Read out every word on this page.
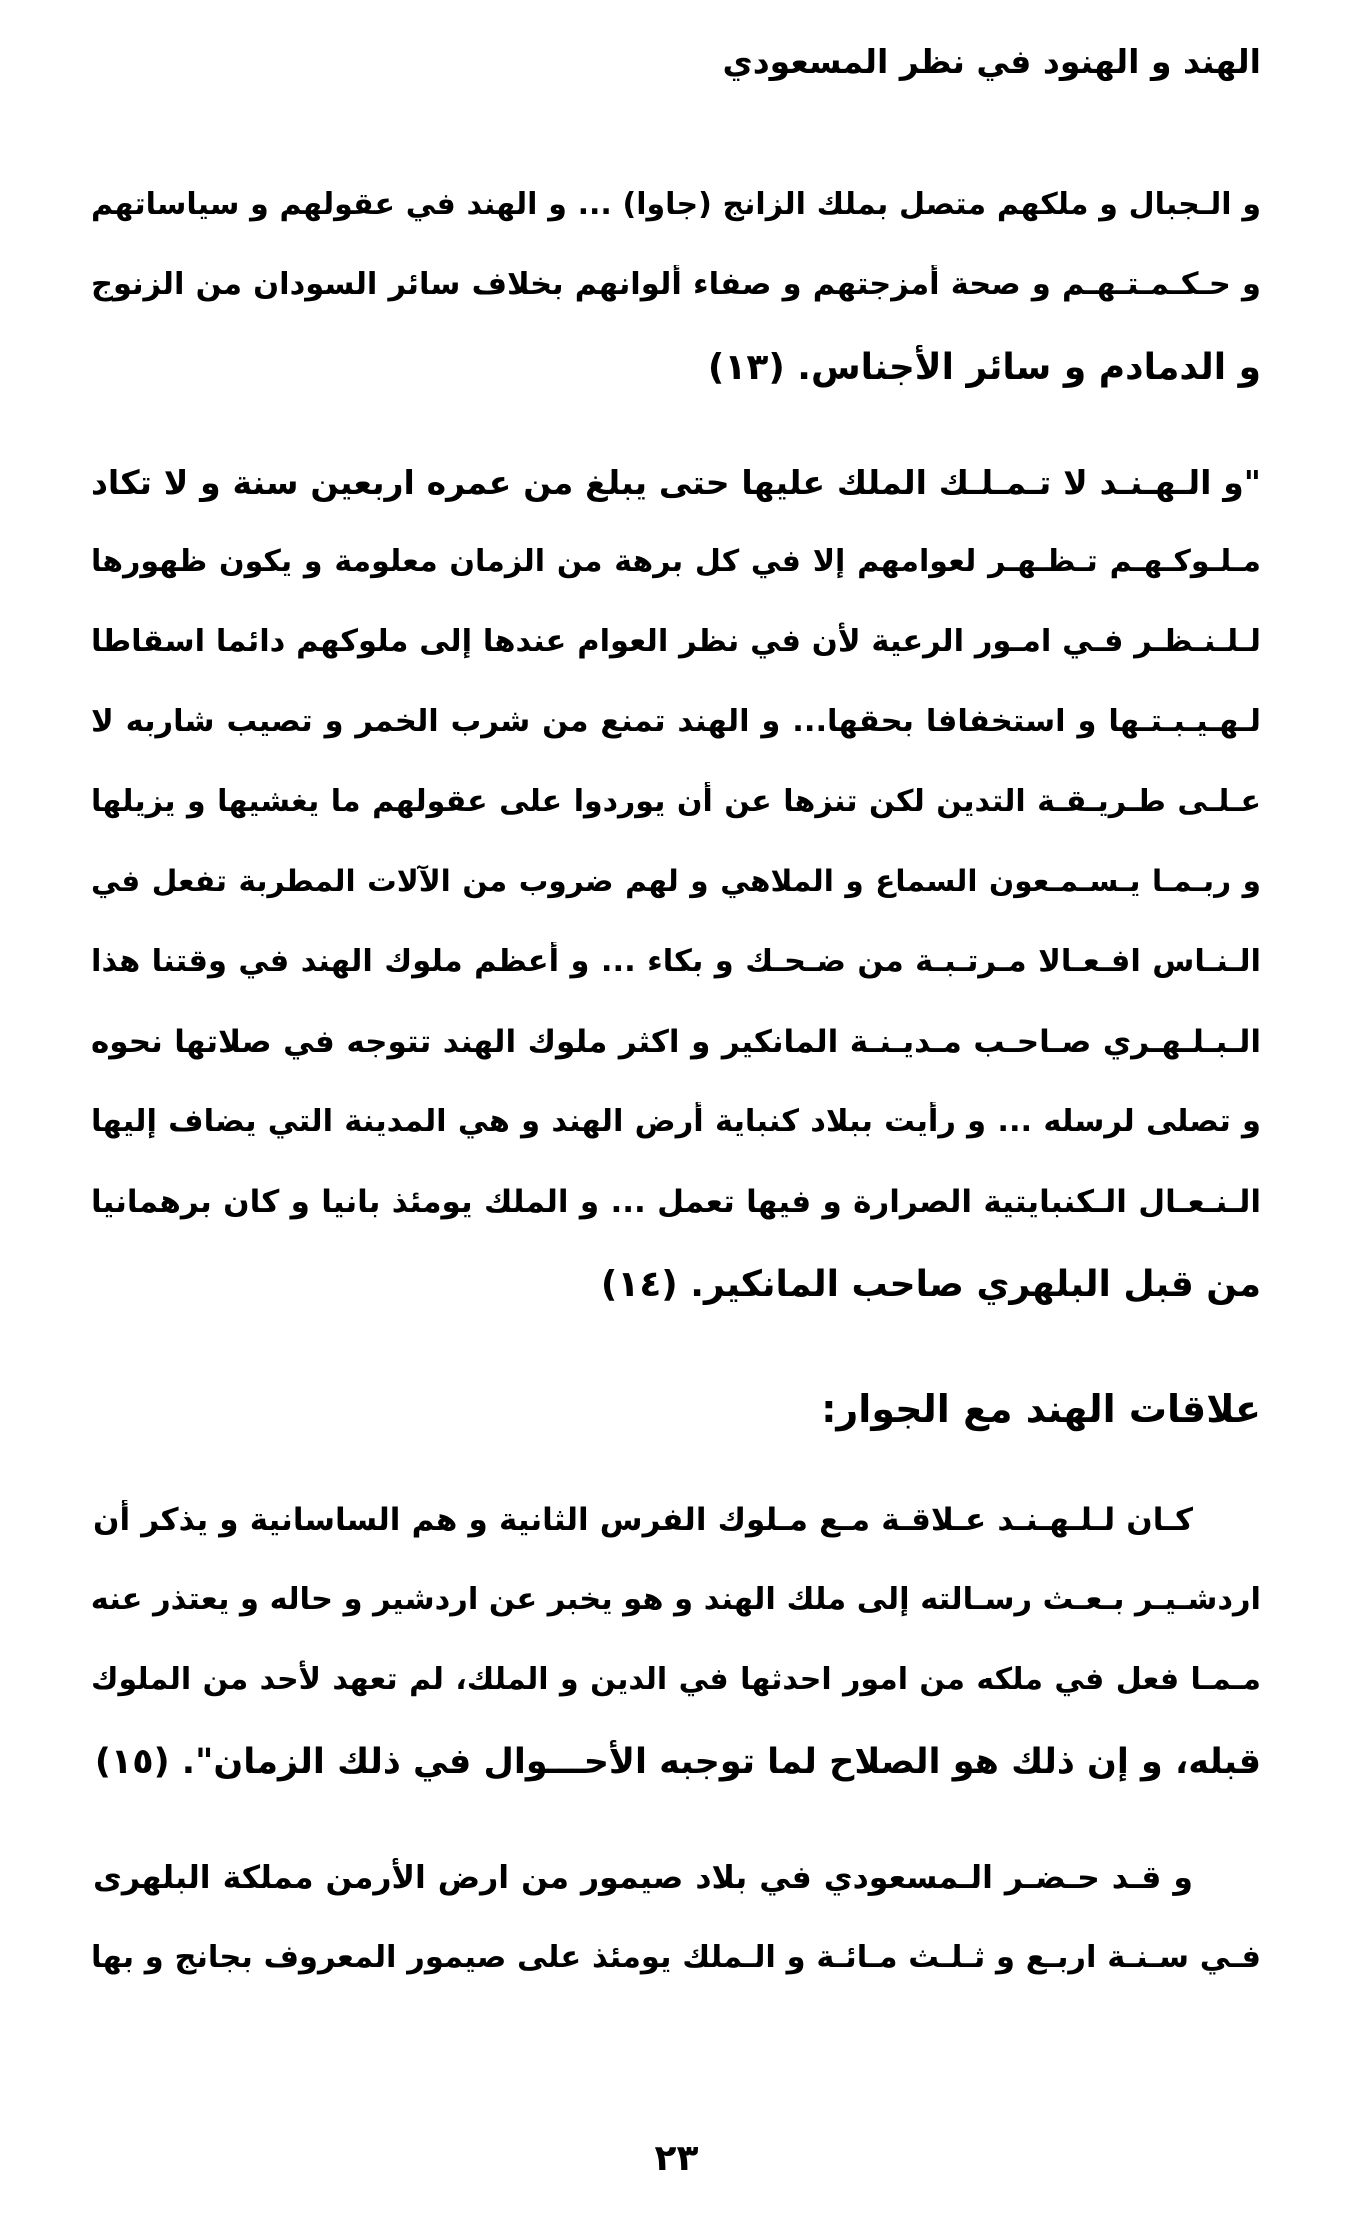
الهند و الهنود في نظر المسعودي
و الـجبال و ملكهم متصل بملك الزانج (جاوا) ... و الهند في عقولهم و سياساتهم
و حـكـمـتـهـم و صحة أمزجتهم و صفاء ألوانهم بخلاف سائر السودان من الزنوج
و الدمادم و سائر الأجناس. (١٣)
"و الـهـنـد لا تـمـلـك الملك عليها حتى يبلغ من عمره اربعين سنة و لا تكاد
مـلـوكـهـم تـظـهـر لعوامهم إلا في كل برهة من الزمان معلومة و يكون ظهورها
لـلـنـظـر فـي امـور الرعية لأن في نظر العوام عندها إلى ملوكهم دائما اسقاطا
لـهـيـبـتـها و استخفافا بحقها... و الهند تمنع من شرب الخمر و تصيب شاربه لا
عـلـى طـريـقـة التدين لكن تنزها عن أن يوردوا على عقولهم ما يغشيها و يزيلها
و ربـمـا يـسـمـعون السماع و الملاهي و لهم ضروب من الآلات المطربة تفعل في
الـنـاس افـعـالا مـرتـبـة من ضـحـك و بكاء ... و أعظم ملوك الهند في وقتنا هذا
الـبـلـهـري صـاحـب مـديـنـة المانكير و اكثر ملوك الهند تتوجه في صلاتها نحوه
و تصلى لرسله ... و رأيت ببلاد كنباية أرض الهند و هي المدينة التي يضاف إليها
الـنـعـال الـكنبايتية الصرارة و فيها تعمل ... و الملك يومئذ بانيا و كان برهمانيا
من قبل البلهري صاحب المانكير. (١٤)
علاقات الهند مع الجوار:
كـان لـلـهـنـد عـلاقـة مـع مـلوك الفرس الثانية و هم الساسانية و يذكر أن
اردشـيـر بـعـث رسـالته إلى ملك الهند و هو يخبر عن اردشير و حاله و يعتذر عنه
مـمـا فعل في ملكه من امور احدثها في الدين و الملك، لم تعهد لأحد من الملوك
قبله، و إن ذلك هو الصلاح لما توجبه الأحـــوال في ذلك الزمان". (١٥)
و قـد حـضـر الـمسعودي في بلاد صيمور من ارض الأرمن مملكة البلهرى
فـي سـنـة اربـع و ثـلـث مـائـة و الـملك يومئذ على صيمور المعروف بجانج و بها
٢٣
